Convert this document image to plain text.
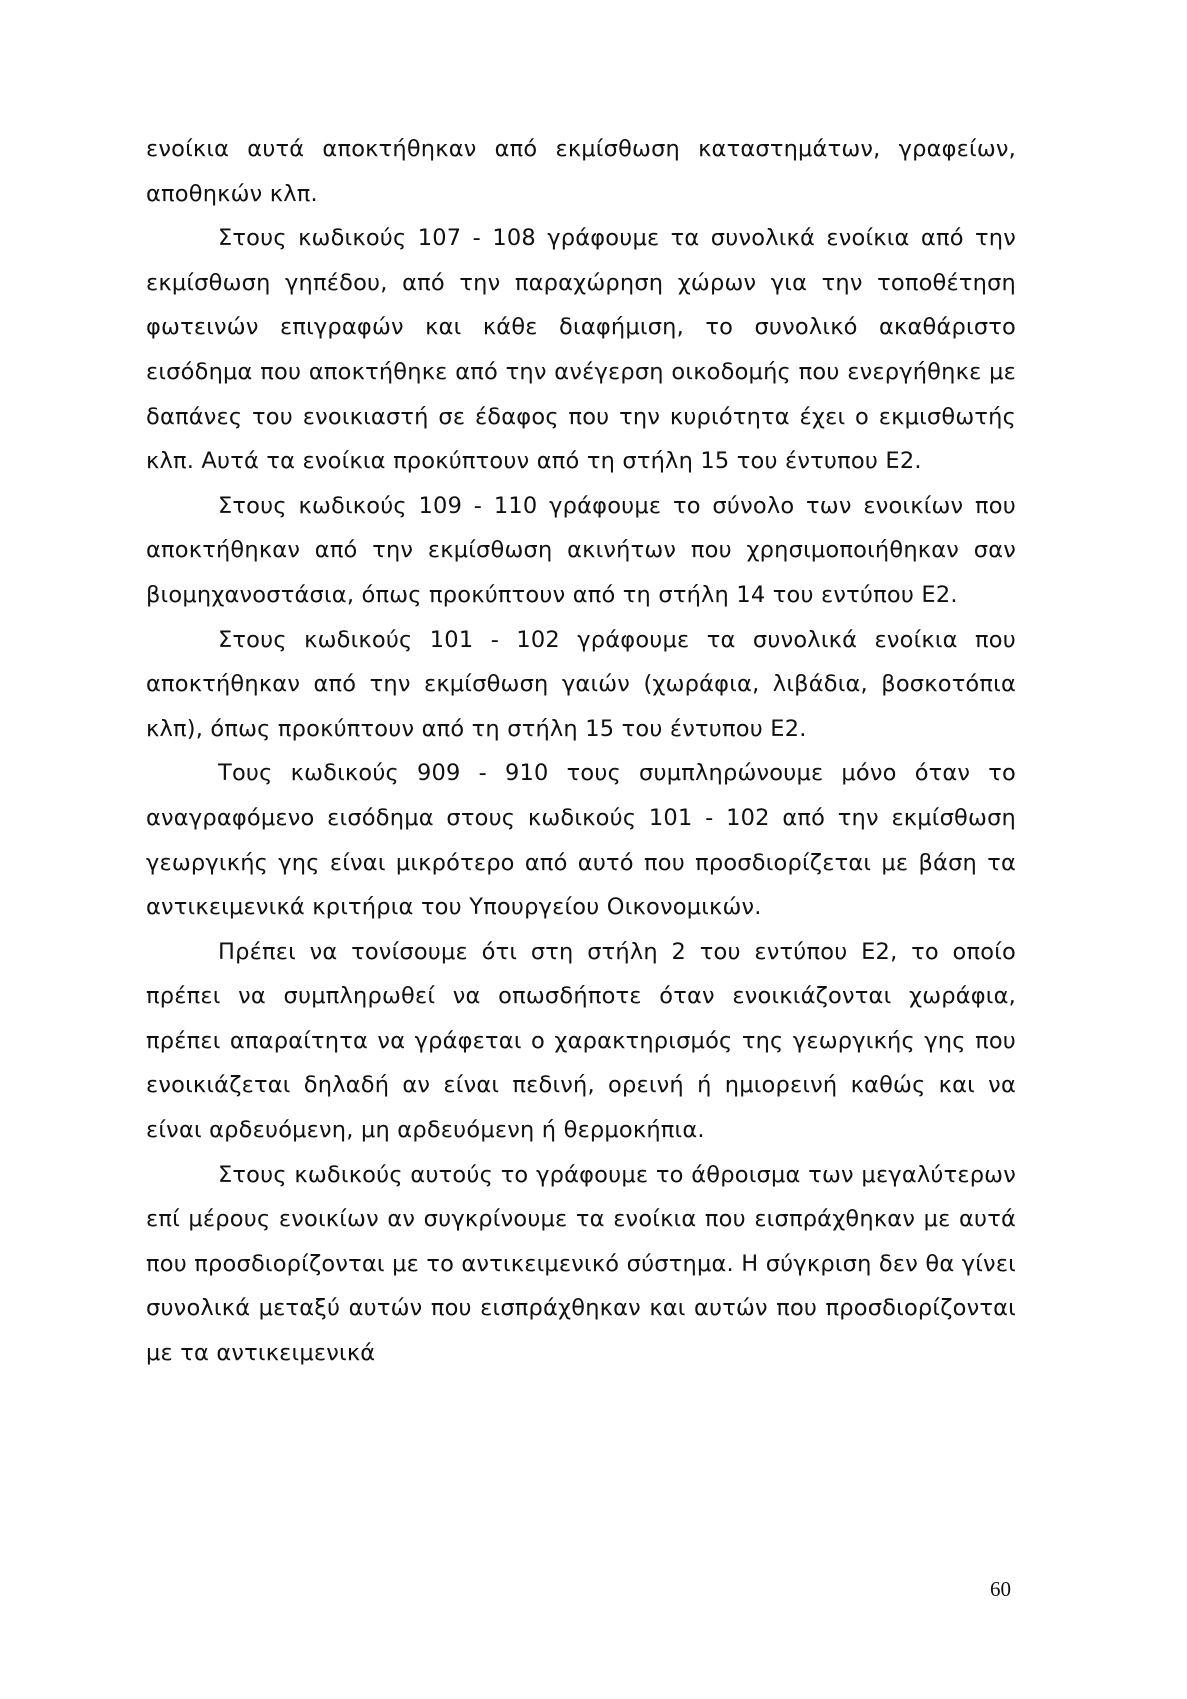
ενοίκια αυτά αποκτήθηκαν από εκμίσθωση καταστημάτων, γραφείων, αποθηκών κλπ.

Στους κωδικούς 107 - 108 γράφουμε τα συνολικά ενοίκια από την εκμίσθωση γηπέδου, από την παραχώρηση χώρων για την τοποθέτηση φωτεινών επιγραφών και κάθε διαφήμιση, το συνολικό ακαθάριστο εισόδημα που αποκτήθηκε από την ανέγερση οικοδομής που ενεργήθηκε με δαπάνες του ενοικιαστή σε έδαφος που την κυριότητα έχει ο εκμισθωτής κλπ. Αυτά τα ενοίκια προκύπτουν από τη στήλη 15 του έντυπου Ε2.

Στους κωδικούς 109 - 110 γράφουμε το σύνολο των ενοικίων που αποκτήθηκαν από την εκμίσθωση ακινήτων που χρησιμοποιήθηκαν σαν βιομηχανοστάσια, όπως προκύπτουν από τη στήλη 14 του εντύπου Ε2.

Στους κωδικούς 101 - 102 γράφουμε τα συνολικά ενοίκια που αποκτήθηκαν από την εκμίσθωση γαιών (χωράφια, λιβάδια, βοσκοτόπια κλπ), όπως προκύπτουν από τη στήλη 15 του έντυπου Ε2.

Τους κωδικούς 909 - 910 τους συμπληρώνουμε μόνο όταν το αναγραφόμενο εισόδημα στους κωδικούς 101 - 102 από την εκμίσθωση γεωργικής γης είναι μικρότερο από αυτό που προσδιορίζεται με βάση τα αντικειμενικά κριτήρια του Υπουργείου Οικονομικών.

Πρέπει να τονίσουμε ότι στη στήλη 2 του εντύπου Ε2, το οποίο πρέπει να συμπληρωθεί να οπωσδήποτε όταν ενοικιάζονται χωράφια, πρέπει απαραίτητα να γράφεται ο χαρακτηρισμός της γεωργικής γης που ενοικιάζεται δηλαδή αν είναι πεδινή, ορεινή ή ημιορεινή καθώς και να είναι αρδευόμενη, μη αρδευόμενη ή θερμοκήπια.

Στους κωδικούς αυτούς το γράφουμε το άθροισμα των μεγαλύτερων επί μέρους ενοικίων αν συγκρίνουμε τα ενοίκια που εισπράχθηκαν με αυτά που προσδιορίζονται με το αντικειμενικό σύστημα. Η σύγκριση δεν θα γίνει συνολικά μεταξύ αυτών που εισπράχθηκαν και αυτών που προσδιορίζονται με τα αντικειμενικά

60
